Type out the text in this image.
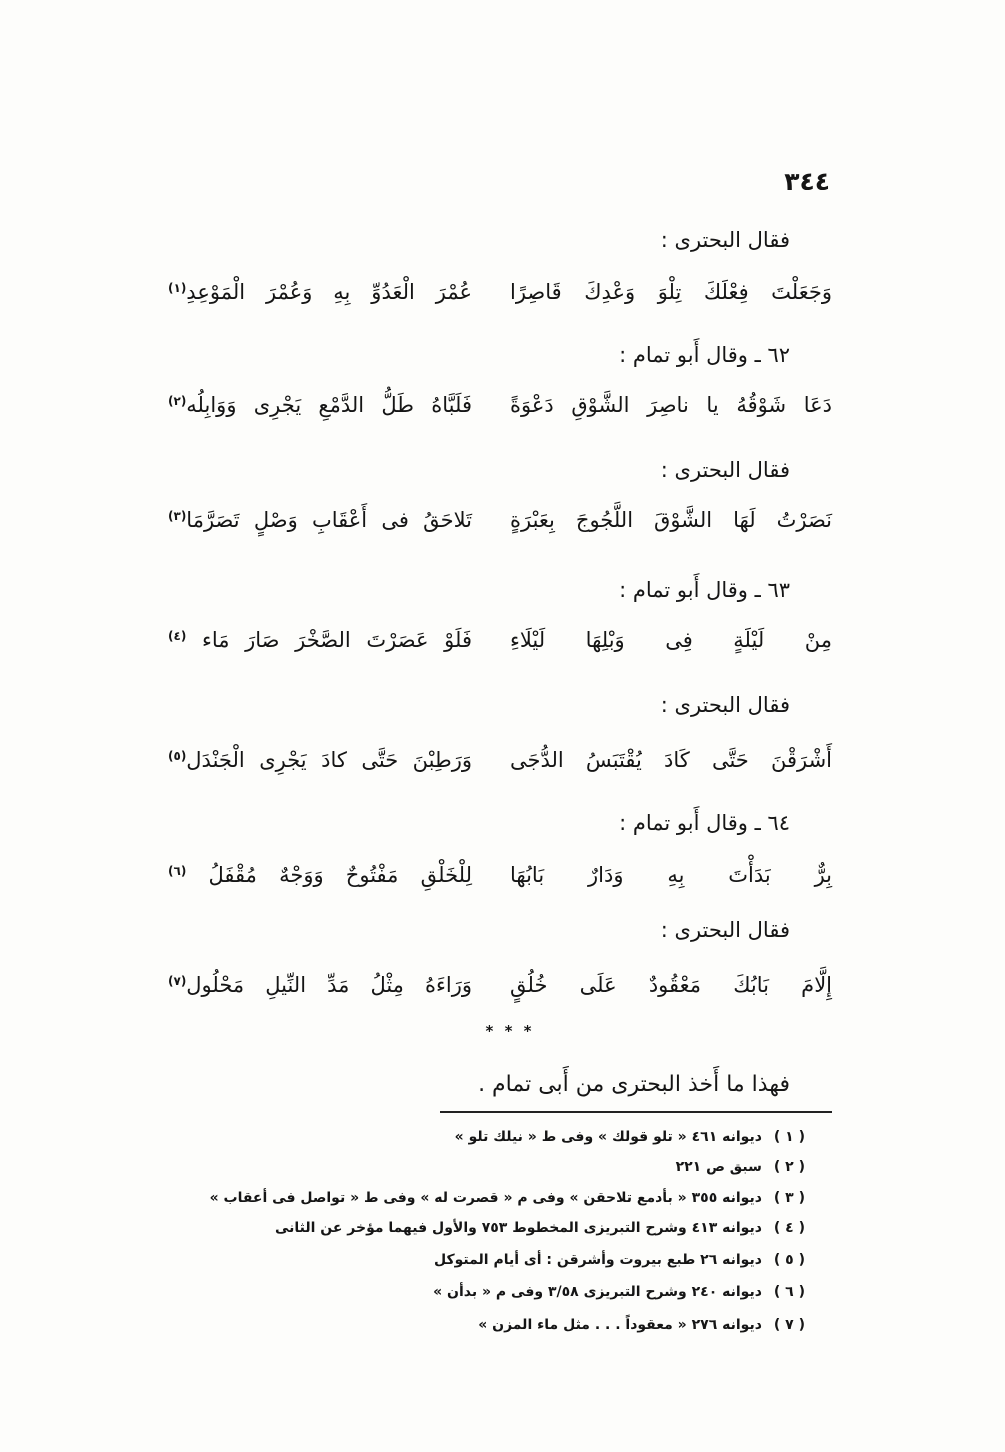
٣٤٤
فقال البحترى :
وَجَعَلْتَ فِعْلَكَ تِلْوَ وَعْدِكَ قَاصِرًا
عُمْرَ الْعَدُوِّ بِهِ وَعُمْرَ الْمَوْعِدِ$^{(١)}$
٦٢ ـ وقال أَبو تمام :
دَعَا شَوْقُهُ يا ناصِرَ الشَّوْقِ دَعْوَةً
فَلَبَّاهُ طَلُّ الدَّمْعِ يَجْرِى وَوَابِلُه$^{(٢)}$
فقال البحترى :
نَصَرْتُ لَهَا الشَّوْقَ اللَّجُوجَ بِعَبْرَةٍ
تَلاحَقُ فى أَعْقَابِ وَصْلٍ تَصَرَّمَا$^{(٣)}$
٦٣ ـ وقال أَبو تمام :
مِنْ لَيْلَةٍ فِى وَبْلِهَا لَيْلَاءِ
فَلَوْ عَصَرْتَ الصَّخْرَ صَارَ مَاء $^{(٤)}$
فقال البحترى :
أَشْرَقْنَ حَتَّى كَادَ يُقْتَبَسُ الدُّجَى
وَرَطِبْنَ حَتَّى كادَ يَجْرِى الْجَنْدَل$^{(٥)}$
٦٤ ـ وقال أَبو تمام :
بِرٌّ بَدَأْتَ بِهِ وَدَارٌ بَابُهَا
لِلْخَلْقِ مَفْتُوحٌ وَوَجْهٌ مُقْفَلُ $^{(٦)}$
فقال البحترى :
إِلَّامَ بَابُكَ مَعْقُودٌ عَلَى خُلُقٍ
وَرَاءَهُ مِثْلُ مَدِّ النِّيلِ مَحْلُول$^{(٧)}$
* * *
فهذا ما أَخذ البحترى من أَبى تمام .
( ١ )ديوانه ٤٦١ « تلو قولك » وفى ط « نيلك تلو »
( ٢ )سبق ص ٢٢١
( ٣ )ديوانه ٣٥٥ « بأدمع تلاحقن » وفى م « قصرت له » وفى ط « تواصل فى أعقاب »
( ٤ )ديوانه ٤١٣ وشرح التبريزى المخطوط ٧٥٣ والأول فيهما مؤخر عن الثانى
( ٥ )ديوانه ٢٦ طبع بيروت وأشرقن : أى أيام المتوكل
( ٦ )ديوانه ٢٤٠ وشرح التبريزى ٣/٥٨ وفى م « بدأن »
( ٧ )ديوانه ٢٧٦ « معقوداً . . . مثل ماء المزن »
